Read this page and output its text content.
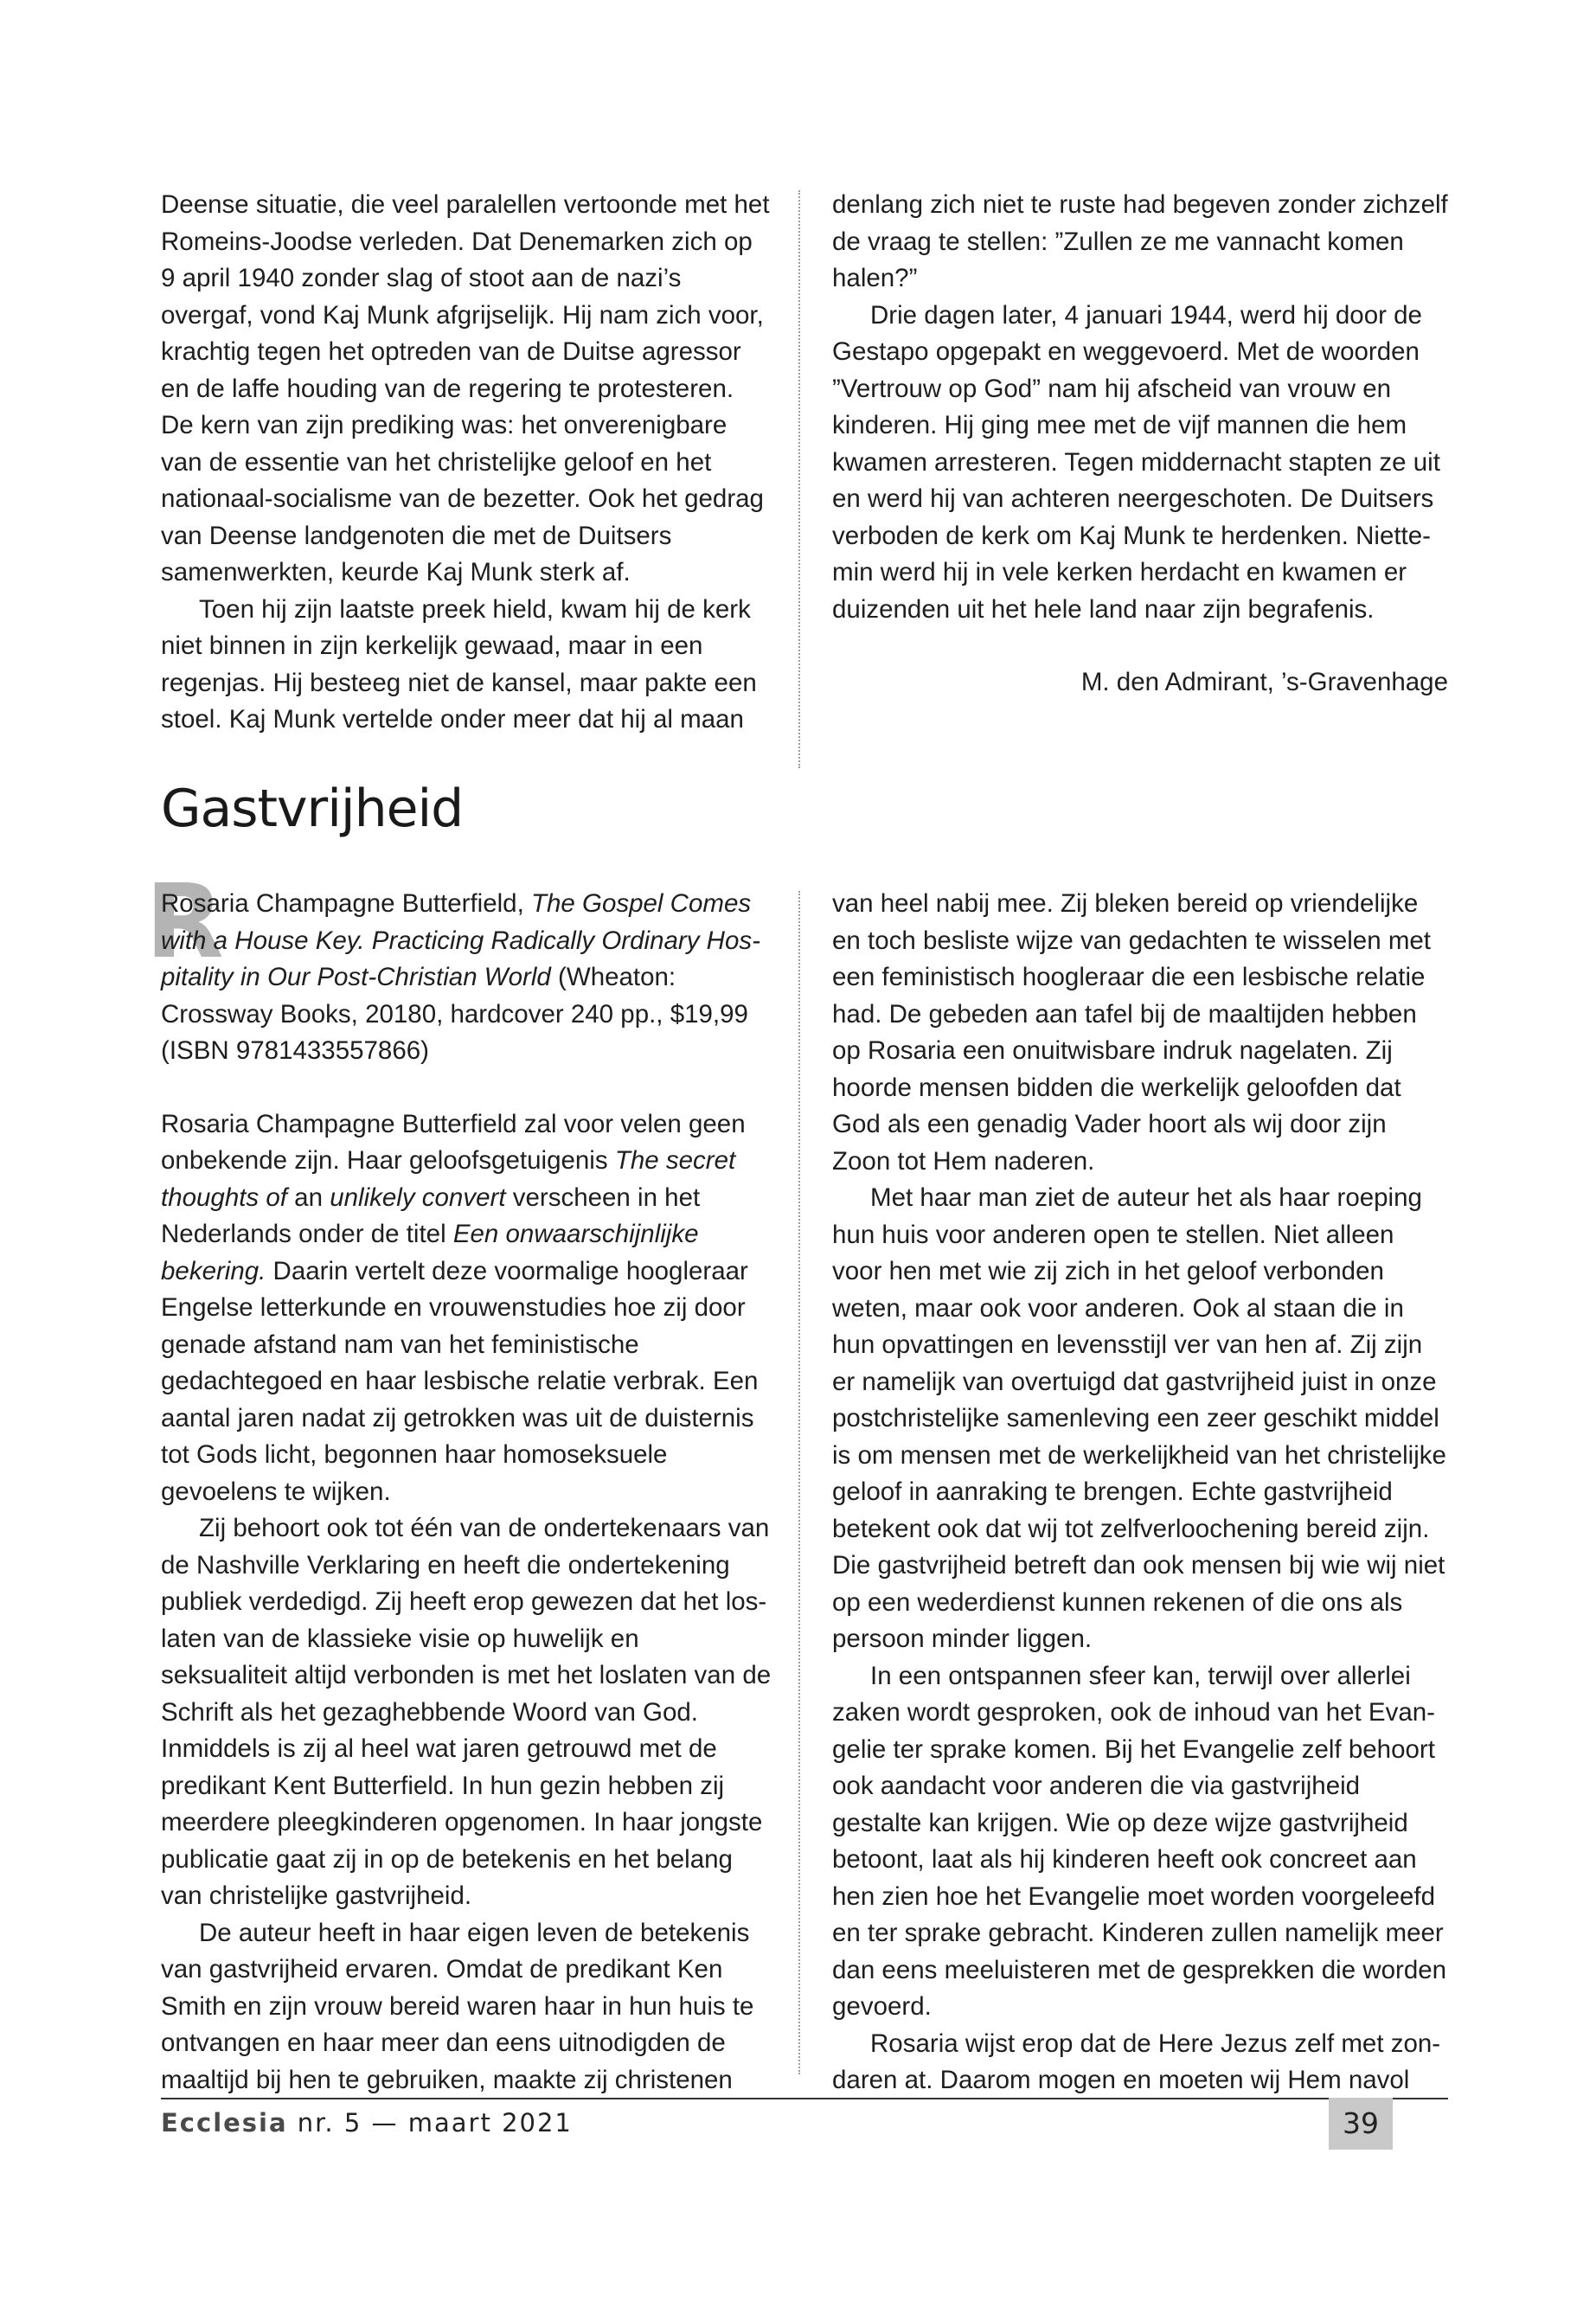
Deense situatie, die veel paralellen vertoonde met het Romeins-Joodse verleden. Dat Denemarken zich op 9 april 1940 zonder slag of stoot aan de nazi’s overgaf, vond Kaj Munk afgrijselijk. Hij nam zich voor, krachtig tegen het optreden van de Duitse agressor en de laffe houding van de regering te protesteren. De kern van zijn prediking was: het onverenigbare van de essentie van het christelijke geloof en het nationaal-socialisme van de bezetter. Ook het gedrag van Deense landgenoten die met de Duitsers samenwerkten, keurde Kaj Munk sterk af.

Toen hij zijn laatste preek hield, kwam hij de kerk niet binnen in zijn kerkelijk gewaad, maar in een regenjas. Hij besteeg niet de kansel, maar pakte een stoel. Kaj Munk vertelde onder meer dat hij al maan

denlang zich niet te ruste had begeven zonder zichzelf de vraag te stellen: ”Zullen ze me vannacht komen halen?”

Drie dagen later, 4 januari 1944, werd hij door de Gestapo opgepakt en weggevoerd. Met de woorden ”Vertrouw op God” nam hij afscheid van vrouw en kinderen. Hij ging mee met de vijf mannen die hem kwamen arresteren. Tegen middernacht stapten ze uit en werd hij van achteren neergeschoten. De Duitsers verboden de kerk om Kaj Munk te herdenken. Niettemin werd hij in vele kerken herdacht en kwamen er duizenden uit het hele land naar zijn begrafenis.

M. den Admirant, ’s-Gravenhage

Gastvrijheid
R

Rosaria Champagne Butterfield, The Gospel Comes with a House Key. Practicing Radically Ordinary Hospitality in Our Post-Christian World (Wheaton: Crossway Books, 20180, hardcover 240 pp., $19,99 (ISBN 9781433557866)

Rosaria Champagne Butterfield zal voor velen geen onbekende zijn. Haar geloofsgetuigenis The secret thoughts of an unlikely convert verscheen in het Nederlands onder de titel Een onwaarschijnlijke bekering. Daarin vertelt deze voormalige hoogleraar Engelse letterkunde en vrouwenstudies hoe zij door genade afstand nam van het feministische gedachtegoed en haar lesbische relatie verbrak. Een aantal jaren nadat zij getrokken was uit de duisternis tot Gods licht, begonnen haar homoseksuele gevoelens te wijken.

Zij behoort ook tot één van de ondertekenaars van de Nashville Verklaring en heeft die ondertekening publiek verdedigd. Zij heeft erop gewezen dat het loslaten van de klassieke visie op huwelijk en seksualiteit altijd verbonden is met het loslaten van de Schrift als het gezaghebbende Woord van God. Inmiddels is zij al heel wat jaren getrouwd met de predikant Kent Butterfield. In hun gezin hebben zij meerdere pleegkinderen opgenomen. In haar jongste publicatie gaat zij in op de betekenis en het belang van christelijke gastvrijheid.

De auteur heeft in haar eigen leven de betekenis van gastvrijheid ervaren. Omdat de predikant Ken Smith en zijn vrouw bereid waren haar in hun huis te ontvangen en haar meer dan eens uitnodigden de maaltijd bij hen te gebruiken, maakte zij christenen

van heel nabij mee. Zij bleken bereid op vriendelijke en toch besliste wijze van gedachten te wisselen met een feministisch hoogleraar die een lesbische relatie had. De gebeden aan tafel bij de maaltijden hebben op Rosaria een onuitwisbare indruk nagelaten. Zij hoorde mensen bidden die werkelijk geloofden dat God als een genadig Vader hoort als wij door zijn Zoon tot Hem naderen.

Met haar man ziet de auteur het als haar roeping hun huis voor anderen open te stellen. Niet alleen voor hen met wie zij zich in het geloof verbonden weten, maar ook voor anderen. Ook al staan die in hun opvattingen en levensstijl ver van hen af. Zij zijn er namelijk van overtuigd dat gastvrijheid juist in onze postchristelijke samenleving een zeer geschikt middel is om mensen met de werkelijkheid van het christelijke geloof in aanraking te brengen. Echte gastvrijheid betekent ook dat wij tot zelfverloochening bereid zijn. Die gastvrijheid betreft dan ook mensen bij wie wij niet op een wederdienst kunnen rekenen of die ons als persoon minder liggen.

In een ontspannen sfeer kan, terwijl over allerlei zaken wordt gesproken, ook de inhoud van het Evangelie ter sprake komen. Bij het Evangelie zelf behoort ook aandacht voor anderen die via gastvrijheid gestalte kan krijgen. Wie op deze wijze gastvrijheid betoont, laat als hij kinderen heeft ook concreet aan hen zien hoe het Evangelie moet worden voorgeleefd en ter sprake gebracht. Kinderen zullen namelijk meer dan eens meeluisteren met de gesprekken die worden gevoerd.

Rosaria wijst erop dat de Here Jezus zelf met zondaren at. Daarom mogen en moeten wij Hem navol

Ecclesia nr. 5 — maart 2021	39
